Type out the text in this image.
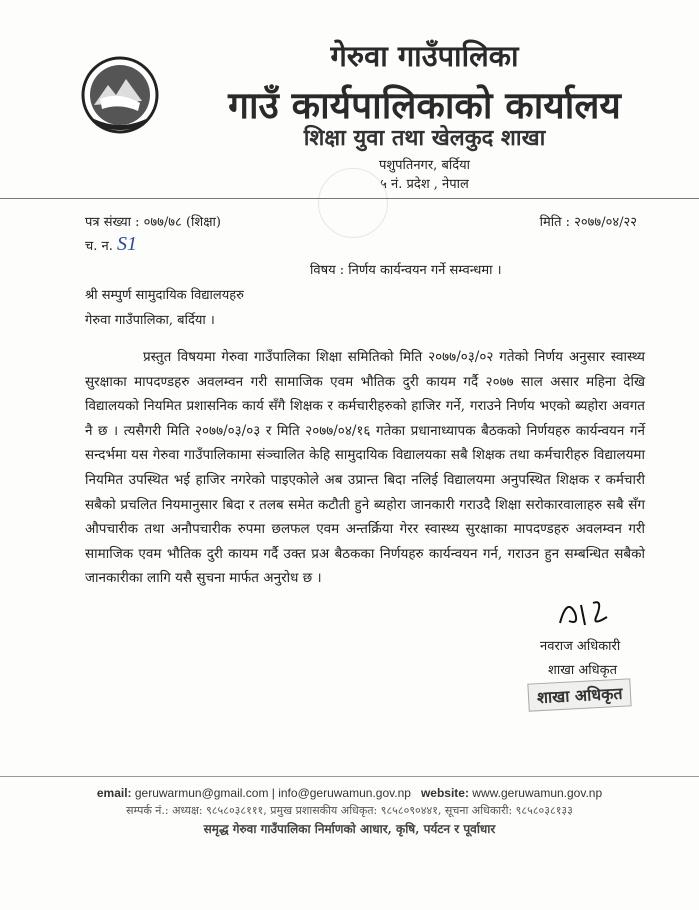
गेरुवा गाउँपालिका
गाउँ कार्यपालिकाको कार्यालय
शिक्षा युवा तथा खेलकुद शाखा
पशुपतिनगर, बर्दिया
५ नं. प्रदेश , नेपाल
पत्र संख्या : ०७७/७८ (शिक्षा)	मिति : २०७७/०४/२२
च. न. S1
विषय : निर्णय कार्यन्वयन गर्ने सम्वन्धमा ।
श्री सम्पुर्ण सामुदायिक विद्यालयहरु
गेरुवा गाउँपालिका, बर्दिया ।
प्रस्तुत विषयमा गेरुवा गाउँपालिका शिक्षा समितिको मिति २०७७/०३/०२ गतेको निर्णय अनुसार स्वास्थ्य सुरक्षाका मापदण्डहरु अवलम्वन गरी सामाजिक एवम भौतिक दुरी कायम गर्दै २०७७ साल असार महिना देखि विद्यालयको नियमित प्रशासनिक कार्य सँगै शिक्षक र कर्मचारीहरुको हाजिर गर्ने, गराउने निर्णय भएको ब्यहोरा अवगत नै छ । त्यसैगरी मिति २०७७/०३/०३ र मिति २०७७/०४/१६ गतेका प्रधानाध्यापक बैठकको निर्णयहरु कार्यन्वयन गर्ने सन्दर्भमा यस गेरुवा गाउँपालिकामा संञ्चालित केहि सामुदायिक विद्यालयका सबै शिक्षक तथा कर्मचारीहरु विद्यालयमा नियमित उपस्थित भई हाजिर नगरेको पाइएकोले अब उप्रान्त बिदा नलिई विद्यालयमा अनुपस्थित शिक्षक र कर्मचारी सबैको प्रचलित नियमानुसार बिदा र तलब समेत कटौती हुने ब्यहोरा जानकारी गराउदै शिक्षा सरोकारवालाहरु सबै सँग औपचारीक तथा अनौपचारीक रुपमा छलफल एवम अन्तर्क्रिया गेरर स्वास्थ्य सुरक्षाका मापदण्डहरु अवलम्वन गरी सामाजिक एवम भौतिक दुरी कायम गर्दै उक्त प्रअ बैठकका निर्णयहरु कार्यन्वयन गर्न, गराउन हुन सम्बन्धित सबैको जानकारीका लागि यसै सुचना मार्फत अनुरोध छ ।
नवराज अधिकारी
शाखा अधिकृत
शाखा अधिकृत
email: geruwarmun@gmail.com | info@geruwamun.gov.np website: www.geruwamun.gov.np
सम्पर्क नं.: अध्यक्ष: ९८५८०३८१११, प्रमुख प्रशासकीय अधिकृत: ९८५८०९०४४१, सूचना अधिकारी: ९८५८०३८१३३
समृद्ध गेरुवा गाउँपालिका निर्माणको आधार, कृषि, पर्यटन र पूर्वाधार
